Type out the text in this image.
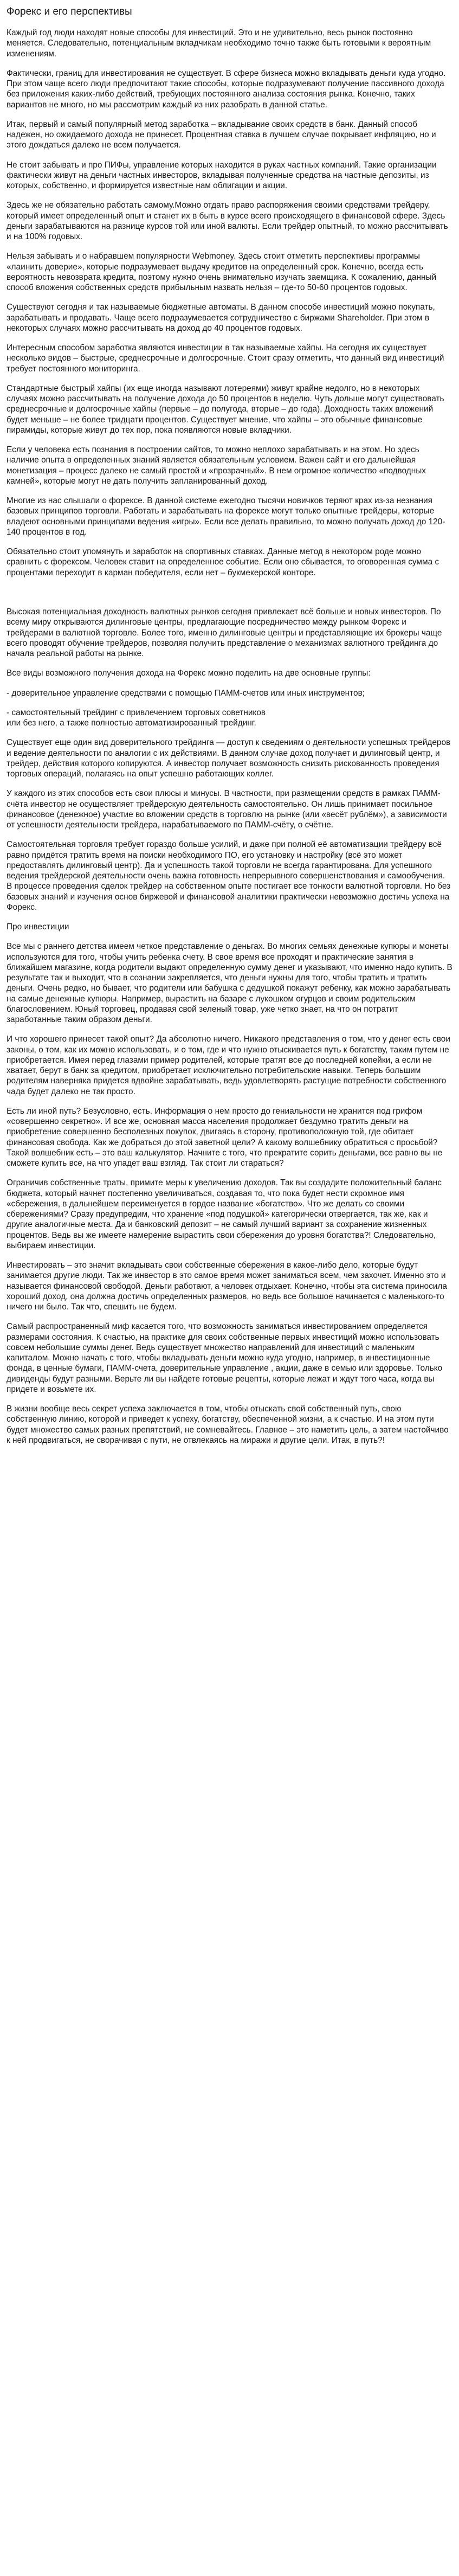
Форекс и его перспективы

Каждый год люди находят новые способы для инвестиций. Это и не удивительно, весь рынок постоянно меняется. Следовательно, потенциальным вкладчикам необходимо точно также быть готовыми к вероятным изменениям.

Фактически, границ для инвестирования не существует. В сфере бизнеса можно вкладывать деньги куда угодно. При этом чаще всего люди предпочитают такие способы, которые подразумевают получение пассивного дохода без приложения каких-либо действий, требующих постоянного анализа состояния рынка. Конечно, таких вариантов не много, но мы рассмотрим каждый из них разобрать в данной статье.

Итак, первый и самый популярный метод заработка – вкладывание своих средств в банк. Данный способ надежен, но ожидаемого дохода не принесет. Процентная ставка в лучшем случае покрывает инфляцию, но и этого дождаться далеко не всем получается.

Не стоит забывать и про ПИФы, управление которых находится в руках частных компаний. Такие организации фактически живут на деньги частных инвесторов, вкладывая полученные средства на частные депозиты, из которых, собственно, и формируется известные нам облигации и акции.

Здесь же не обязательно работать самому.Можно отдать право распоряжения своими средствами трейдеру, который имеет определенный опыт и станет их в быть в курсе всего происходящего в финансовой сфере. Здесь деньги зарабатываются на разнице курсов той или иной валюты. Если трейдер опытный, то можно рассчитывать и на 100% годовых.

Нельзя забывать и о набравшем популярности Webmoney. Здесь стоит отметить перспективы программы «лаинить доверие», которые подразумевает выдачу кредитов на определенный срок. Конечно, всегда есть вероятность невозврата кредита, поэтому нужно очень внимательно изучать заемщика. К сожалению, данный способ вложения собственных средств прибыльным назвать нельзя – где-то 50-60 процентов годовых.

Существуют сегодня и так называемые бюджетные автоматы. В данном способе инвестиций можно покупать, зарабатывать и продавать. Чаще всего подразумевается сотрудничество с биржами Shareholder. При этом в некоторых случаях можно рассчитывать на доход до 40 процентов годовых.

Интересным способом заработка являются инвестиции в так называемые хайпы. На сегодня их существует несколько видов – быстрые, среднесрочные и долгосрочные. Стоит сразу отметить, что данный вид инвестиций требует постоянного мониторинга.

Стандартные быстрый хайпы (их еще иногда называют лотереями) живут крайне недолго, но в некоторых случаях можно рассчитывать на получение дохода до 50 процентов в неделю. Чуть дольше могут существовать среднесрочные и долгосрочные хайпы (первые – до полугода, вторые – до года). Доходность таких вложений будет меньше – не более тридцати процентов. Существует мнение, что хайпы – это обычные финансовые пирамиды, которые живут до тех пор, пока появляются новые вкладчики.

Если у человека есть познания в построении сайтов, то можно неплохо зарабатывать и на этом. Но здесь наличие опыта в определенных знаний является обязательным условием. Важен сайт и его дальнейшая монетизация – процесс далеко не самый простой и «прозрачный». В нем огромное количество «подводных камней», которые могут не дать получить запланированный доход.

Многие из нас слышали о форексе. В данной системе ежегодно тысячи новичков теряют крах из-за незнания базовых принципов торговли. Работать и зарабатывать на форексе могут только опытные трейдеры, которые владеют основными принципами ведения «игры». Если все делать правильно, то можно получать доход до 120-140 процентов в год.

Обязательно стоит упомянуть и заработок на спортивных ставках. Данные метод в некотором роде можно сравнить с форексом. Человек ставит на определенное событие. Если оно сбывается, то оговоренная сумма с процентами переходит в карман победителя, если нет – букмекерской конторе.

Высокая потенциальная доходность валютных рынков сегодня привлекает всё больше и новых инвесторов. По всему миру открываются дилинговые центры, предлагающие посредничество между рынком Форекс и трейдерами в валютной торговле. Более того, именно дилинговые центры и представляющие их брокеры чаще всего проводят обучение трейдеров, позволяя получить представление о механизмах валютного трейдинга до начала реальной работы на рынке.

Все виды возможного получения дохода на Форекс можно поделить на две основные группы:

- доверительное управление средствами с помощью ПАММ-счетов или иных инструментов;

- самостоятельный трейдинг с привлечением торговых советников
или без него, а также полностью автоматизированный трейдинг.

Существует еще один вид доверительного трейдинга — доступ к сведениям о деятельности успешных трейдеров и ведение деятельности по аналогии с их действиями. В данном случае доход получает и дилинговый центр, и трейдер, действия которого копируются. А инвестор получает возможность снизить рискованность проведения торговых операций, полагаясь на опыт успешно работающих коллег.

У каждого из этих способов есть свои плюсы и минусы. В частности, при размещении средств в рамках ПАММ-счёта инвестор не осуществляет трейдерскую деятельность самостоятельно. Он лишь принимает посильное финансовое (денежное) участие во вложении средств в торговлю на рынке (или «весёт рублём»), а зависимости от успешности деятельности трейдера, нарабатываемого по ПАММ-счёту, о счётне.

Самостоятельная торговля требует гораздо больше усилий, и даже при полной её автоматизации трейдеру всё равно придётся тратить время на поиски необходимого ПО, его установку и настройку (всё это может предоставлять дилинговый центр). Да и успешность такой торговли не всегда гарантирована. Для успешного ведения трейдерской деятельности очень важна готовность непрерывного совершенствования и самообучения. В процессе проведения сделок трейдер на собственном опыте постигает все тонкости валютной торговли. Но без базовых знаний и изучения основ биржевой и финансовой аналитики практически невозможно достичь успеха на Форекс.

Про инвестиции

Все мы с раннего детства имеем четкое представление о деньгах. Во многих семьях денежные купюры и монеты используются для того, чтобы учить ребенка счету. В свое время все проходят и практические занятия в ближайшем магазине, когда родители выдают определенную сумму денег и указывают, что именно надо купить. В результате так и выходит, что в сознании закрепляется, что деньги нужны для того, чтобы тратить и тратить деньги. Очень редко, но бывает, что родители или бабушка с дедушкой покажут ребенку, как можно зарабатывать на самые денежные купюры. Например, вырастить на базаре с лукошком огурцов и своим родительским благословением. Юный торговец, продавая свой зеленый товар, уже четко знает, на что он потратит заработанные таким образом деньги.

И что хорошего принесет такой опыт? Да абсолютно ничего. Никакого представления о том, что у денег есть свои законы, о том, как их можно использовать, и о том, где и что нужно отыскивается путь к богатству, таким путем не приобретается. Имея перед глазами пример родителей, которые тратят все до последней копейки, а если не хватает, берут в банк за кредитом, приобретает исключительно потребительские навыки. Теперь большим родителям наверняка придется вдвойне зарабатывать, ведь удовлетворять растущие потребности собственного чада будет далеко не так просто.

Есть ли иной путь? Безусловно, есть. Информация о нем просто до гениальности не хранится под грифом «совершенно секретно». И все же, основная масса населения продолжает бездумно тратить деньги на приобретение совершенно бесполезных покупок, двигаясь в сторону, противоположную той, где обитает финансовая свобода. Как же добраться до этой заветной цели? А какому волшебнику обратиться с просьбой? Такой волшебник есть – это ваш калькулятор. Начните с того, что прекратите сорить деньгами, все равно вы не сможете купить все, на что упадет ваш взгляд. Так стоит ли стараться?

Ограничив собственные траты, примите меры к увеличению доходов. Так вы создадите положительный баланс бюджета, который начнет постепенно увеличиваться, создавая то, что пока будет нести скромное имя «сбережения, в дальнейшем переименуется в гордое название «богатство». Что же делать со своими сбережениями? Сразу предупредим, что хранение «под подушкой» категорически отвергается, так же, как и другие аналогичные места. Да и банковский депозит – не самый лучший вариант за сохранение жизненных процентов. Ведь вы же имеете намерение вырастить свои сбережения до уровня богатства?! Следовательно, выбираем инвестиции.

Инвестировать – это значит вкладывать свои собственные сбережения в какое-либо дело, которые будут занимается другие люди. Так же инвестор в это самое время может заниматься всем, чем захочет. Именно это и называется финансовой свободой. Деньги работают, а человек отдыхает. Конечно, чтобы эта система приносила хороший доход, она должна достичь определенных размеров, но ведь все большое начинается с маленького-то ничего ни было. Так что, спешить не будем.

Самый распространенный миф касается того, что возможность заниматься инвестированием определяется размерами состояния. К счастью, на практике для своих собственные первых инвестиций можно использовать совсем небольшие суммы денег. Ведь существует множество направлений для инвестиций с маленьким капиталом. Можно начать с того, чтобы вкладывать деньги можно куда угодно, например, в инвестиционные фонда, в ценные бумаги, ПАММ-счета, доверительные управление , акции, даже в семью или здоровье. Только дивиденды будут разными. Верьте ли вы найдете готовые рецепты, которые лежат и ждут того часа, когда вы придете и возьмете их.

В жизни вообще весь секрет успеха заключается в том, чтобы отыскать свой собственный путь, свою собственную линию, которой и приведет к успеху, богатству, обеспеченной жизни, а к счастью. И на этом пути будет множество самых разных препятствий, не сомневайтесь. Главное – это наметить цель, а затем настойчиво к ней продвигаться, не сворачивая с пути, не отвлекаясь на миражи и другие цели. Итак, в путь?!
